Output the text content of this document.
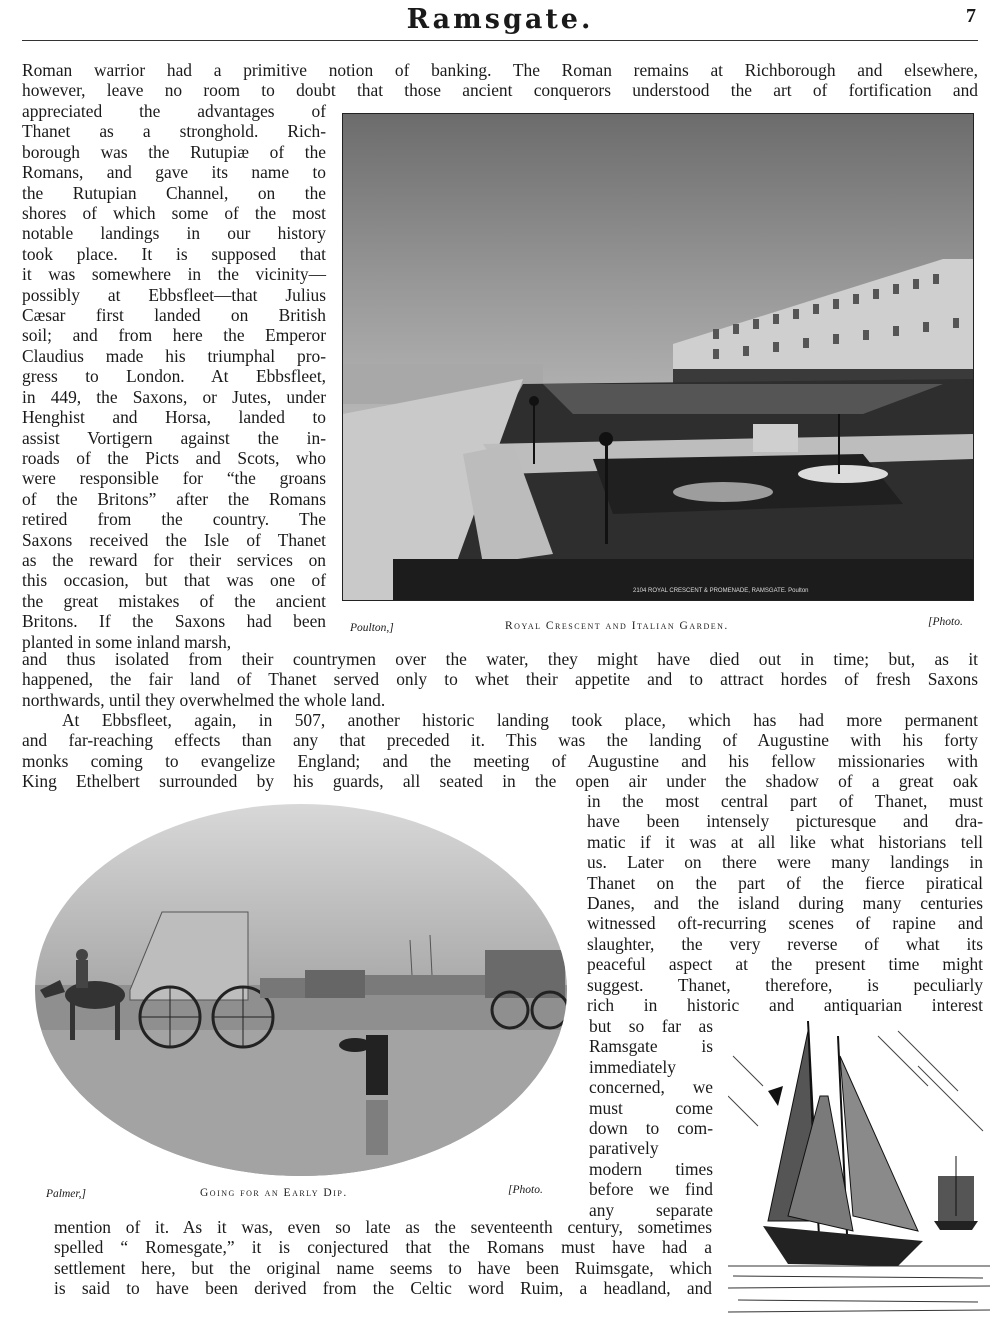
Ramsgate.	7

Roman warrior had a primitive notion of banking. The Roman remains at Richborough and elsewhere,

however, leave no room to doubt that those ancient conquerors understood the art of fortification and

appreciated the advantages of

Thanet as a stronghold. Rich-

borough was the Rutupiæ of the

Romans, and gave its name to

the Rutupian Channel, on the

shores of which some of the most

notable landings in our history

took place. It is supposed that

it was somewhere in the vicinity—

possibly at Ebbsfleet—that Julius

Cæsar first landed on British

soil; and from here the Emperor

Claudius made his triumphal pro-

gress to London. At Ebbsfleet,

in 449, the Saxons, or Jutes, under

Henghist and Horsa, landed to

assist Vortigern against the in-

roads of the Picts and Scots, who

were responsible for “the groans

of the Britons” after the Romans

retired from the country. The

Saxons received the Isle of Thanet

as the reward for their services on

this occasion, but that was one of

the great mistakes of the ancient

Britons. If the Saxons had been

planted in some inland marsh,

2104 ROYAL CRESCENT & PROMENADE, RAMSGATE. Poulton
Poulton,]	Royal Crescent and Italian Garden.	[Photo.

and thus isolated from their countrymen over the water, they might have died out in time; but, as it

happened, the fair land of Thanet served only to whet their appetite and to attract hordes of fresh Saxons

northwards, until they overwhelmed the whole land.

At Ebbsfleet, again, in 507, another historic landing took place, which has had more permanent

and far-reaching effects than any that preceded it. This was the landing of Augustine with his forty

monks coming to evangelize England; and the meeting of Augustine and his fellow missionaries with

King Ethelbert surrounded by his guards, all seated in the open air under the shadow of a great oak

Palmer,]	Going for an Early Dip.	[Photo.

in the most central part of Thanet, must

have been intensely picturesque and dra-

matic if it was at all like what historians tell

us. Later on there were many landings in

Thanet on the part of the fierce piratical

Danes, and the island during many centuries

witnessed oft-recurring scenes of rapine and

slaughter, the very reverse of what its

peaceful aspect at the present time might

suggest. Thanet, therefore, is peculiarly

rich in historic and antiquarian interest

but so far as

Ramsgate is

immediately

concerned, we

must come

down to com-

paratively

modern times

before we find

any separate

mention of it. As it was, even so late as the seventeenth century, sometimes

spelled “ Romesgate,” it is conjectured that the Romans must have had a

settlement here, but the original name seems to have been Ruimsgate, which

is said to have been derived from the Celtic word Ruim, a headland, and
